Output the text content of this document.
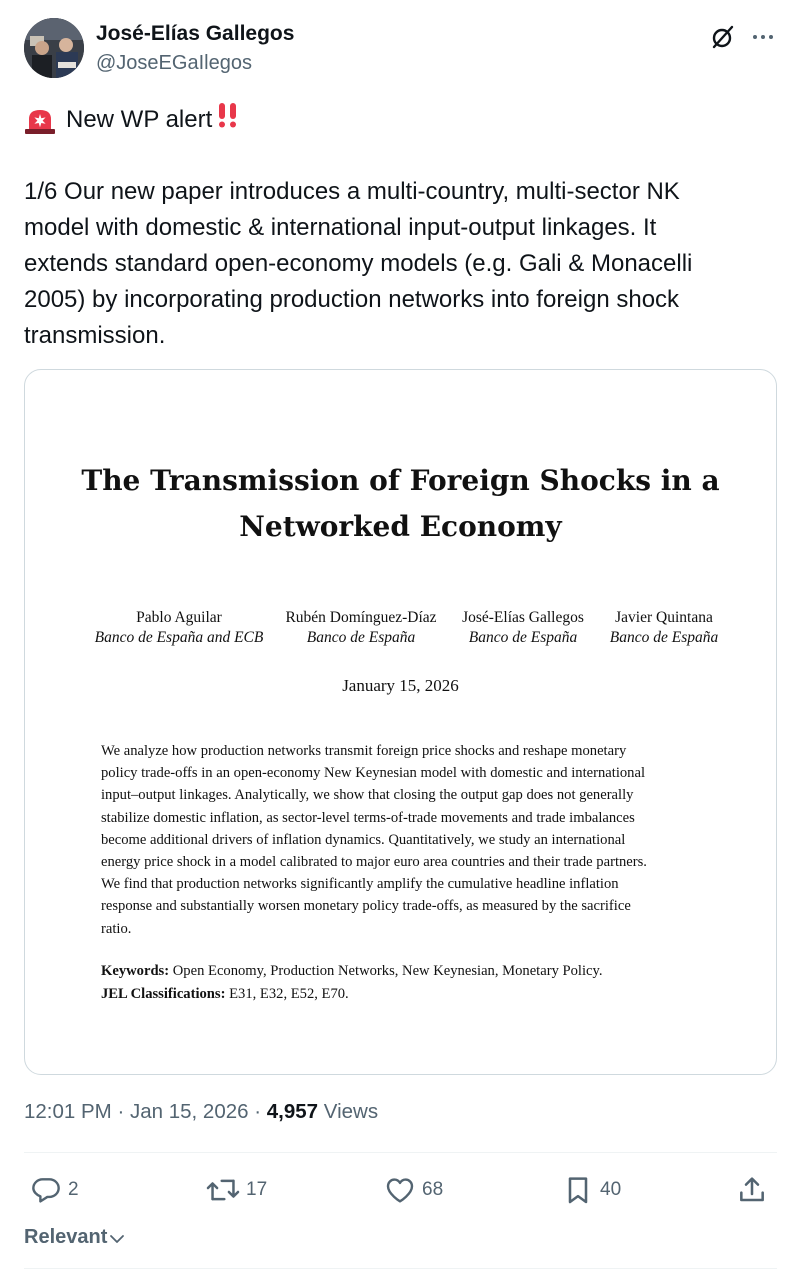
José-Elías Gallegos
@JoseEGaIlegos
New WP alert
1/6 Our new paper introduces a multi-country, multi-sector NK
model with domestic & international input-output linkages. It
extends standard open-economy models (e.g. Gali & Monacelli
2005) by incorporating production networks into foreign shock
transmission.
The Transmission of Foreign Shocks in a
Networked Economy
Pablo Aguilar
Banco de España and ECB
Rubén Domínguez-Díaz
Banco de España
José-Elías Gallegos
Banco de España
Javier Quintana
Banco de España
January 15, 2026
We analyze how production networks transmit foreign price shocks and reshape monetary
policy trade-offs in an open-economy New Keynesian model with domestic and international
input–output linkages. Analytically, we show that closing the output gap does not generally
stabilize domestic inflation, as sector-level terms-of-trade movements and trade imbalances
become additional drivers of inflation dynamics. Quantitatively, we study an international
energy price shock in a model calibrated to major euro area countries and their trade partners.
We find that production networks significantly amplify the cumulative headline inflation
response and substantially worsen monetary policy trade-offs, as measured by the sacrifice
ratio.
Keywords: Open Economy, Production Networks, New Keynesian, Monetary Policy.
JEL Classifications: E31, E32, E52, E70.
12:01 PM · Jan 15, 2026 · 4,957 Views
2	17	68	40
Relevant
